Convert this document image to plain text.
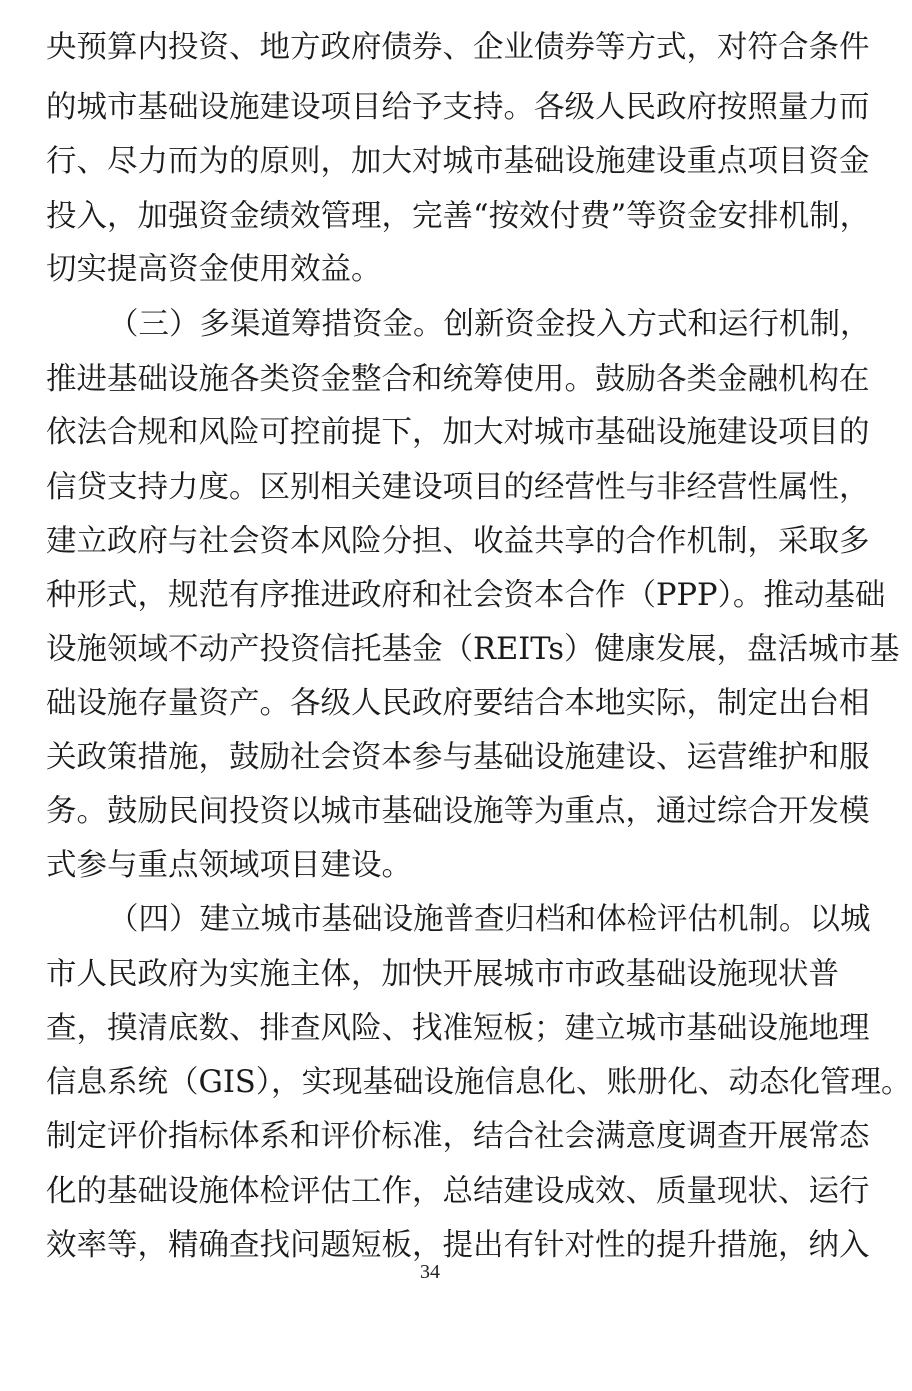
央预算内投资、地方政府债券、企业债券等方式，对符合条件
的城市基础设施建设项目给予支持。各级人民政府按照量力而
行、尽力而为的原则，加大对城市基础设施建设重点项目资金
投入，加强资金绩效管理，完善“按效付费”等资金安排机制，
切实提高资金使用效益。
（三）多渠道筹措资金。创新资金投入方式和运行机制，
推进基础设施各类资金整合和统筹使用。鼓励各类金融机构在
依法合规和风险可控前提下，加大对城市基础设施建设项目的
信贷支持力度。区别相关建设项目的经营性与非经营性属性，
建立政府与社会资本风险分担、收益共享的合作机制，采取多
种形式，规范有序推进政府和社会资本合作（PPP）。推动基础
设施领域不动产投资信托基金（REITs）健康发展，盘活城市基
础设施存量资产。各级人民政府要结合本地实际，制定出台相
关政策措施，鼓励社会资本参与基础设施建设、运营维护和服
务。鼓励民间投资以城市基础设施等为重点，通过综合开发模
式参与重点领域项目建设。
（四）建立城市基础设施普查归档和体检评估机制。以城
市人民政府为实施主体，加快开展城市市政基础设施现状普
查，摸清底数、排查风险、找准短板；建立城市基础设施地理
信息系统（GIS），实现基础设施信息化、账册化、动态化管理。
制定评价指标体系和评价标准，结合社会满意度调查开展常态
化的基础设施体检评估工作，总结建设成效、质量现状、运行
效率等，精确查找问题短板，提出有针对性的提升措施，纳入
34
